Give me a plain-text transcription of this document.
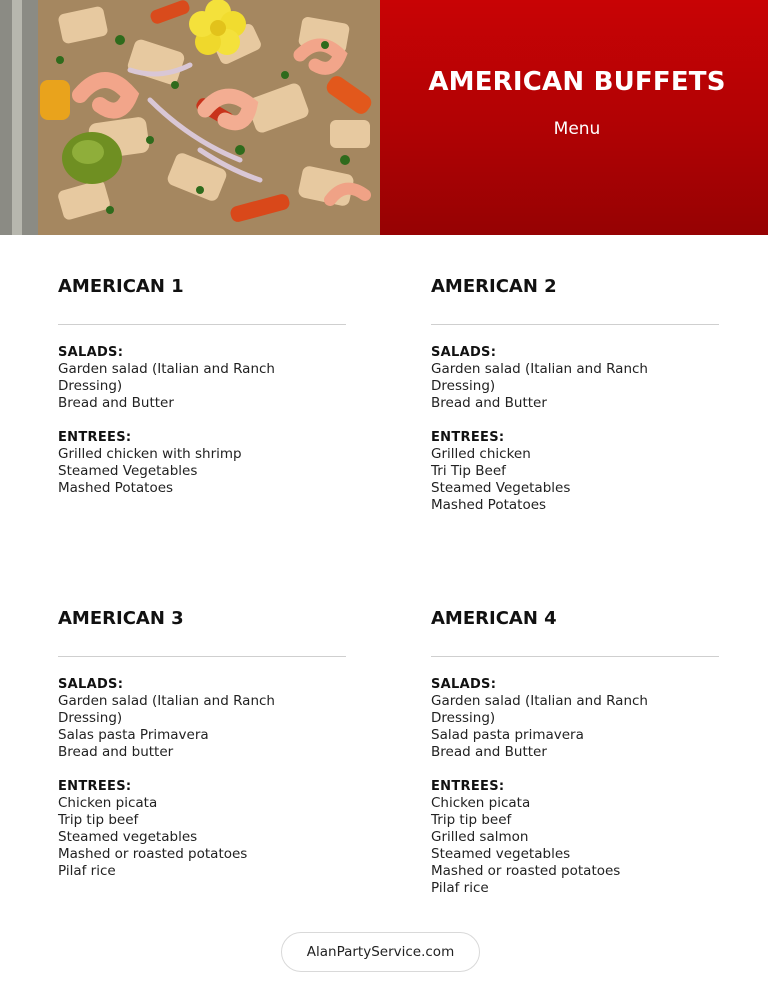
AMERICAN BUFFETS
Menu
AMERICAN 1
SALADS:
Garden salad (Italian and Ranch
Dressing)
Bread and Butter
ENTREES:
Grilled chicken with shrimp
Steamed Vegetables
Mashed Potatoes
AMERICAN 2
SALADS:
Garden salad (Italian and Ranch
Dressing)
Bread and Butter
ENTREES:
Grilled chicken
Tri Tip Beef
Steamed Vegetables
Mashed Potatoes
AMERICAN 3
SALADS:
Garden salad (Italian and Ranch
Dressing)
Salas pasta Primavera
Bread and butter
ENTREES:
Chicken picata
Trip tip beef
Steamed vegetables
Mashed or roasted potatoes
Pilaf rice
AMERICAN 4
SALADS:
Garden salad (Italian and Ranch
Dressing)
Salad pasta primavera
Bread and Butter
ENTREES:
Chicken picata
Trip tip beef
Grilled salmon
Steamed vegetables
Mashed or roasted potatoes
Pilaf rice
AlanPartyService.com
